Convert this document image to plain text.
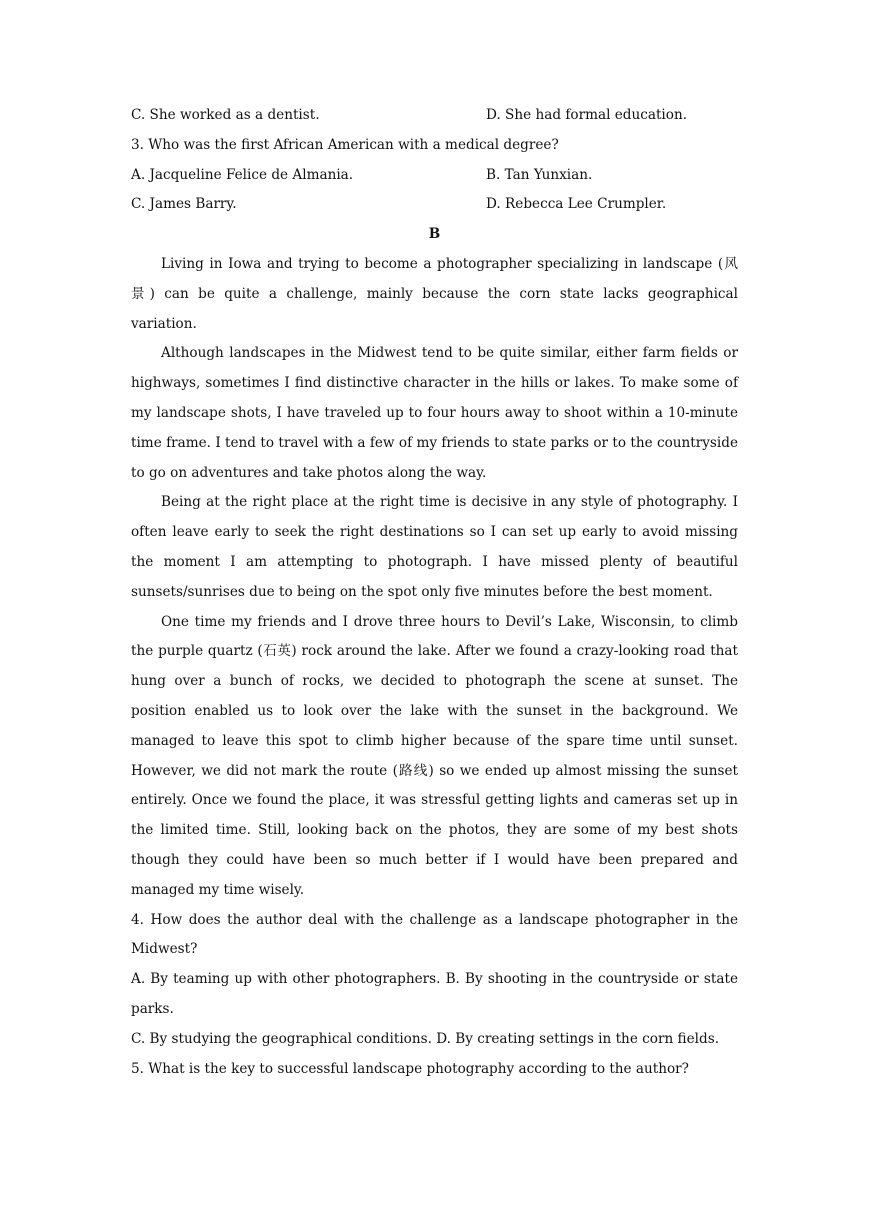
C. She worked as a dentist.	D. She had formal education.
3. Who was the first African American with a medical degree?
A. Jacqueline Felice de Almania.	B. Tan Yunxian.
C. James Barry.	D. Rebecca Lee Crumpler.
B

Living in Iowa and trying to become a photographer specializing in landscape (风景) can be quite a challenge, mainly because the corn state lacks geographical variation.

Although landscapes in the Midwest tend to be quite similar, either farm fields or highways, sometimes I find distinctive character in the hills or lakes. To make some of my landscape shots, I have traveled up to four hours away to shoot within a 10-minute time frame. I tend to travel with a few of my friends to state parks or to the countryside to go on adventures and take photos along the way.

Being at the right place at the right time is decisive in any style of photography. I often leave early to seek the right destinations so I can set up early to avoid missing the moment I am attempting to photograph. I have missed plenty of beautiful sunsets/sunrises due to being on the spot only five minutes before the best moment.

One time my friends and I drove three hours to Devil’s Lake, Wisconsin, to climb the purple quartz (石英) rock around the lake. After we found a crazy-looking road that hung over a bunch of rocks, we decided to photograph the scene at sunset. The position enabled us to look over the lake with the sunset in the background. We managed to leave this spot to climb higher because of the spare time until sunset. However, we did not mark the route (路线) so we ended up almost missing the sunset entirely. Once we found the place, it was stressful getting lights and cameras set up in the limited time. Still, looking back on the photos, they are some of my best shots though they could have been so much better if I would have been prepared and managed my time wisely.

4. How does the author deal with the challenge as a landscape photographer in the Midwest?

A. By teaming up with other photographers. B. By shooting in the countryside or state parks.

C. By studying the geographical conditions. D. By creating settings in the corn fields.

5. What is the key to successful landscape photography according to the author?
